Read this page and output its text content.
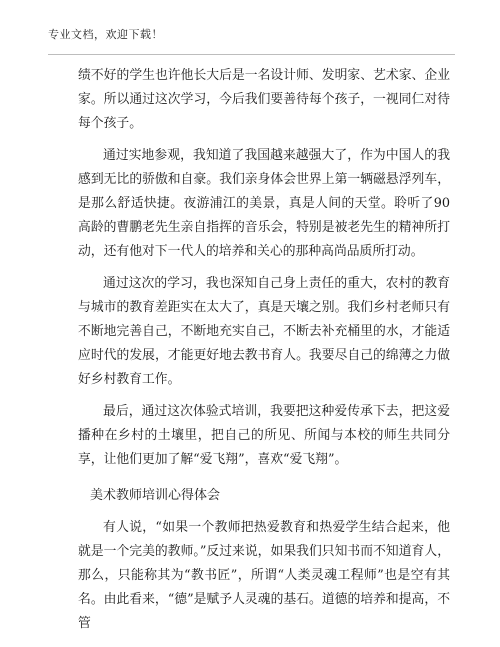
专业文档，欢迎下载！

绩不好的学生也许他长大后是一名设计师、发明家、艺术家、企业家。所以通过这次学习，今后我们要善待每个孩子，一视同仁对待每个孩子。

通过实地参观，我知道了我国越来越强大了，作为中国人的我感到无比的骄傲和自豪。我们亲身体会世界上第一辆磁悬浮列车，是那么舒适快捷。夜游浦江的美景，真是人间的天堂。聆听了90高龄的曹鹏老先生亲自指挥的音乐会，特别是被老先生的精神所打动，还有他对下一代人的培养和关心的那种高尚品质所打动。

通过这次的学习，我也深知自己身上责任的重大，农村的教育与城市的教育差距实在太大了，真是天壤之别。我们乡村老师只有不断地完善自己，不断地充实自己，不断去补充桶里的水，才能适应时代的发展，才能更好地去教书育人。我要尽自己的绵薄之力做好乡村教育工作。

最后，通过这次体验式培训，我要把这种爱传承下去，把这爱播种在乡村的土壤里，把自己的所见、所闻与本校的师生共同分享，让他们更加了解“爱飞翔”，喜欢“爱飞翔”。

美术教师培训心得体会

有人说，“如果一个教师把热爱教育和热爱学生结合起来，他就是一个完美的教师。”反过来说，如果我们只知书而不知道育人，那么，只能称其为“教书匠”，所谓“人类灵魂工程师”也是空有其名。由此看来，“德”是赋予人灵魂的基石。道德的培养和提高，不管
